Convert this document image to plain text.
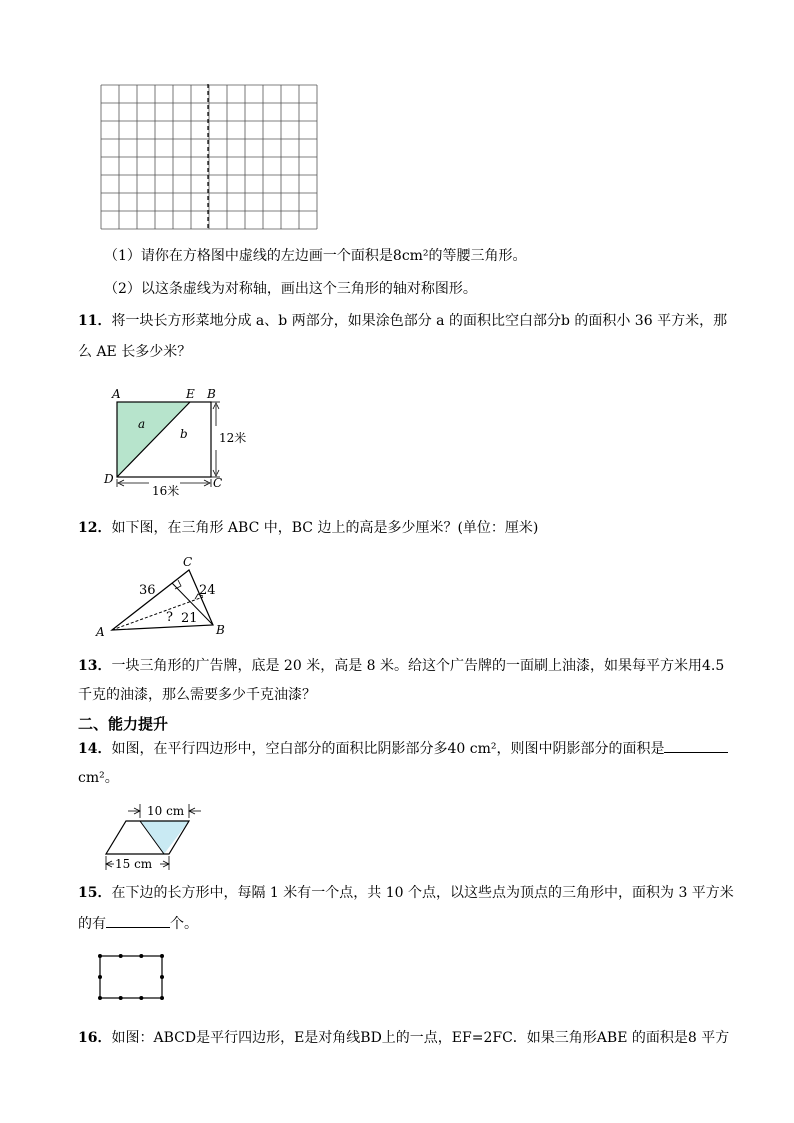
（1）请你在方格图中虚线的左边画一个面积是8cm²的等腰三角形。
（2）以这条虚线为对称轴，画出这个三角形的轴对称图形。
11．将一块长方形菜地分成 a、b 两部分，如果涂色部分 a 的面积比空白部分b 的面积小 36 平方米，那
么 AE 长多少米？
A	E B
D	C
a
b	12米
16米
12．如下图，在三角形 ABC 中，BC 边上的高是多少厘米？(单位：厘米)
A	B
C
36	24
? 21
13．一块三角形的广告牌，底是 20 米，高是 8 米。给这个广告牌的一面刷上油漆，如果每平方米用4.5
千克的油漆，那么需要多少千克油漆？
二、能力提升
14．如图，在平行四边形中，空白部分的面积比阴影部分多40 cm²，则图中阴影部分的面积是
cm²。
10 cm
15 cm
15．在下边的长方形中，每隔 1 米有一个点，共 10 个点，以这些点为顶点的三角形中，面积为 3 平方米
的有	个。
16．如图：ABCD是平行四边形，E是对角线BD上的一点，EF=2FC．如果三角形ABE 的面积是8 平方
